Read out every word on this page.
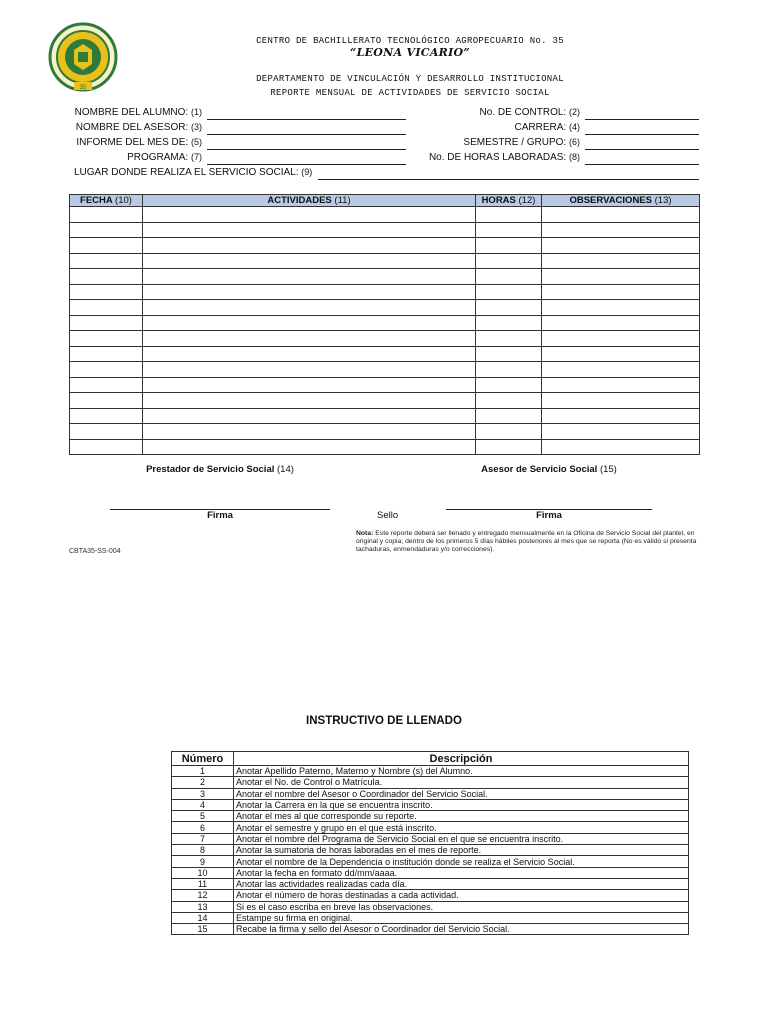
35
CENTRO DE BACHILLERATO TECNOLÓGICO AGROPECUARIO No. 35
“LEONA VICARIO”
DEPARTAMENTO DE VINCULACIÓN Y DESARROLLO INSTITUCIONAL
REPORTE MENSUAL DE ACTIVIDADES DE SERVICIO SOCIAL
NOMBRE DEL ALUMNO: (1)
NOMBRE DEL ASESOR: (3)
INFORME DEL MES DE: (5)
PROGRAMA: (7)
No. DE CONTROL: (2)
CARRERA: (4)
SEMESTRE / GRUPO: (6)
No. DE HORAS LABORADAS: (8)
LUGAR DONDE REALIZA EL SERVICIO SOCIAL: (9)
FECHA (10)	ACTIVIDADES (11)	HORAS (12)	OBSERVACIONES (13)

Prestador de Servicio Social (14)	Asesor de Servicio Social (15)
Firma	Sello	Firma
Nota: Este reporte deberá ser llenado y entregado mensualmente en la Oficina de Servicio Social del plantel, en original y copia; dentro de los primeros 5 días hábiles posteriores al mes que se reporta (No es válido si presenta tachaduras, enmendaduras y/o correcciones).
CBTA35-SS-004
INSTRUCTIVO DE LLENADO
Número	Descripción
1	Anotar Apellido Paterno, Materno y Nombre (s) del Alumno.
2	Anotar el No. de Control o Matrícula.
3	Anotar el nombre del Asesor o Coordinador del Servicio Social.
4	Anotar la Carrera en la que se encuentra inscrito.
5	Anotar el mes al que corresponde su reporte.
6	Anotar el semestre y grupo en el que está inscrito.
7	Anotar el nombre del Programa de Servicio Social en el que se encuentra inscrito.
8	Anotar la sumatoria de horas laboradas en el mes de reporte.
9	Anotar el nombre de la Dependencia o institución donde se realiza el Servicio Social.
10	Anotar la fecha en formato dd/mm/aaaa.
11	Anotar las actividades realizadas cada día.
12	Anotar el número de horas destinadas a cada actividad.
13	Si es el caso escriba en breve las observaciones.
14	Estampe su firma en original.
15	Recabe la firma y sello del Asesor o Coordinador del Servicio Social.
